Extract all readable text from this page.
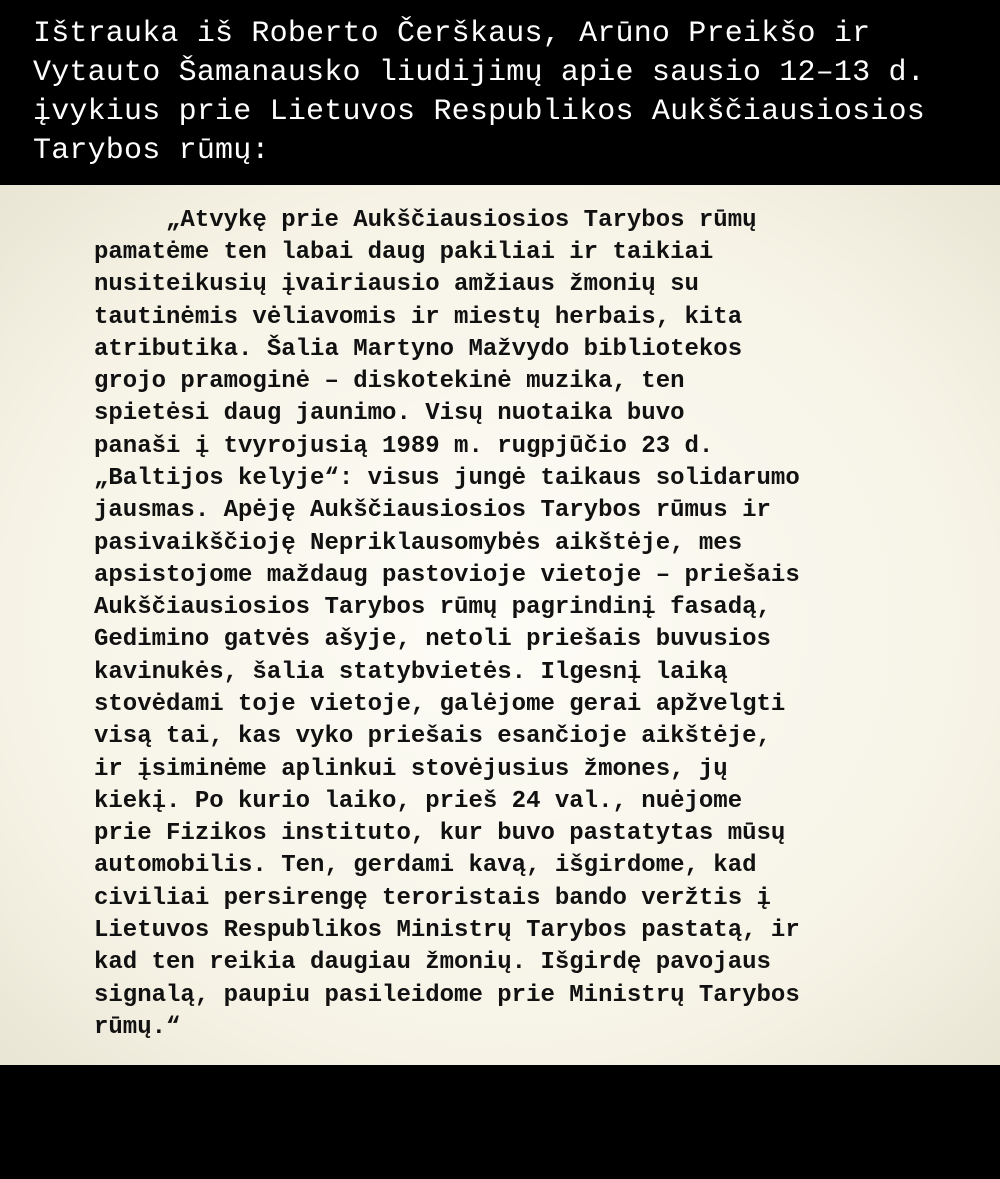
Ištrauka iš Roberto Čerškaus, Arūno Preikšo ir
Vytauto Šamanausko liudijimų apie sausio 12–13 d.
įvykius prie Lietuvos Respublikos Aukščiausiosios
Tarybos rūmų:
„Atvykę prie Aukščiausiosios Tarybos rūmų
pamatėme ten labai daug pakiliai ir taikiai
nusiteikusių įvairiausio amžiaus žmonių su
tautinėmis vėliavomis ir miestų herbais, kita
atributika. Šalia Martyno Mažvydo bibliotekos
grojo pramoginė – diskotekinė muzika, ten
spietėsi daug jaunimo. Visų nuotaika buvo
panaši į tvyrojusią 1989 m. rugpjūčio 23 d.
„Baltijos kelyje“: visus jungė taikaus solidarumo
jausmas. Apėję Aukščiausiosios Tarybos rūmus ir
pasivaikščioję Nepriklausomybės aikštėje, mes
apsistojome maždaug pastovioje vietoje – priešais
Aukščiausiosios Tarybos rūmų pagrindinį fasadą,
Gedimino gatvės ašyje, netoli priešais buvusios
kavinukės, šalia statybvietės. Ilgesnį laiką
stovėdami toje vietoje, galėjome gerai apžvelgti
visą tai, kas vyko priešais esančioje aikštėje,
ir įsiminėme aplinkui stovėjusius žmones, jų
kiekį. Po kurio laiko, prieš 24 val., nuėjome
prie Fizikos instituto, kur buvo pastatytas mūsų
automobilis. Ten, gerdami kavą, išgirdome, kad
civiliai persirengę teroristais bando veržtis į
Lietuvos Respublikos Ministrų Tarybos pastatą, ir
kad ten reikia daugiau žmonių. Išgirdę pavojaus
signalą, paupiu pasileidome prie Ministrų Tarybos
rūmų.“
